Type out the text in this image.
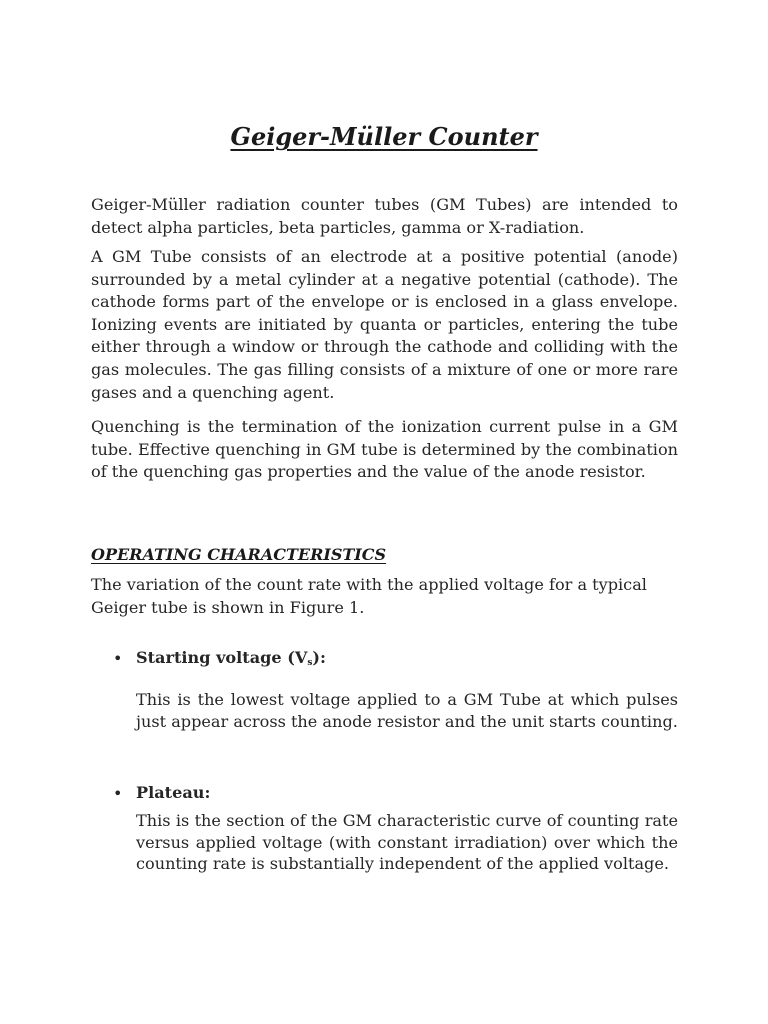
Geiger-Müller Counter

Geiger-Müller radiation counter tubes (GM Tubes) are intended to detect alpha particles, beta particles, gamma or X-radiation.

A GM Tube consists of an electrode at a positive potential (anode) surrounded by a metal cylinder at a negative potential (cathode). The cathode forms part of the envelope or is enclosed in a glass envelope. Ionizing events are initiated by quanta or particles, entering the tube either through a window or through the cathode and colliding with the gas molecules. The gas filling consists of a mixture of one or more rare gases and a quenching agent.

Quenching is the termination of the ionization current pulse in a GM tube. Effective quenching in GM tube is determined by the combination of the quenching gas properties and the value of the anode resistor.

OPERATING CHARACTERISTICS

The variation of the count rate with the applied voltage for a typical Geiger tube is shown in Figure 1.

• Starting voltage $(V_s)$:

This is the lowest voltage applied to a GM Tube at which pulses just appear across the anode resistor and the unit starts counting.

• Plateau:

This is the section of the GM characteristic curve of counting rate versus applied voltage (with constant irradiation) over which the counting rate is substantially independent of the applied voltage.
